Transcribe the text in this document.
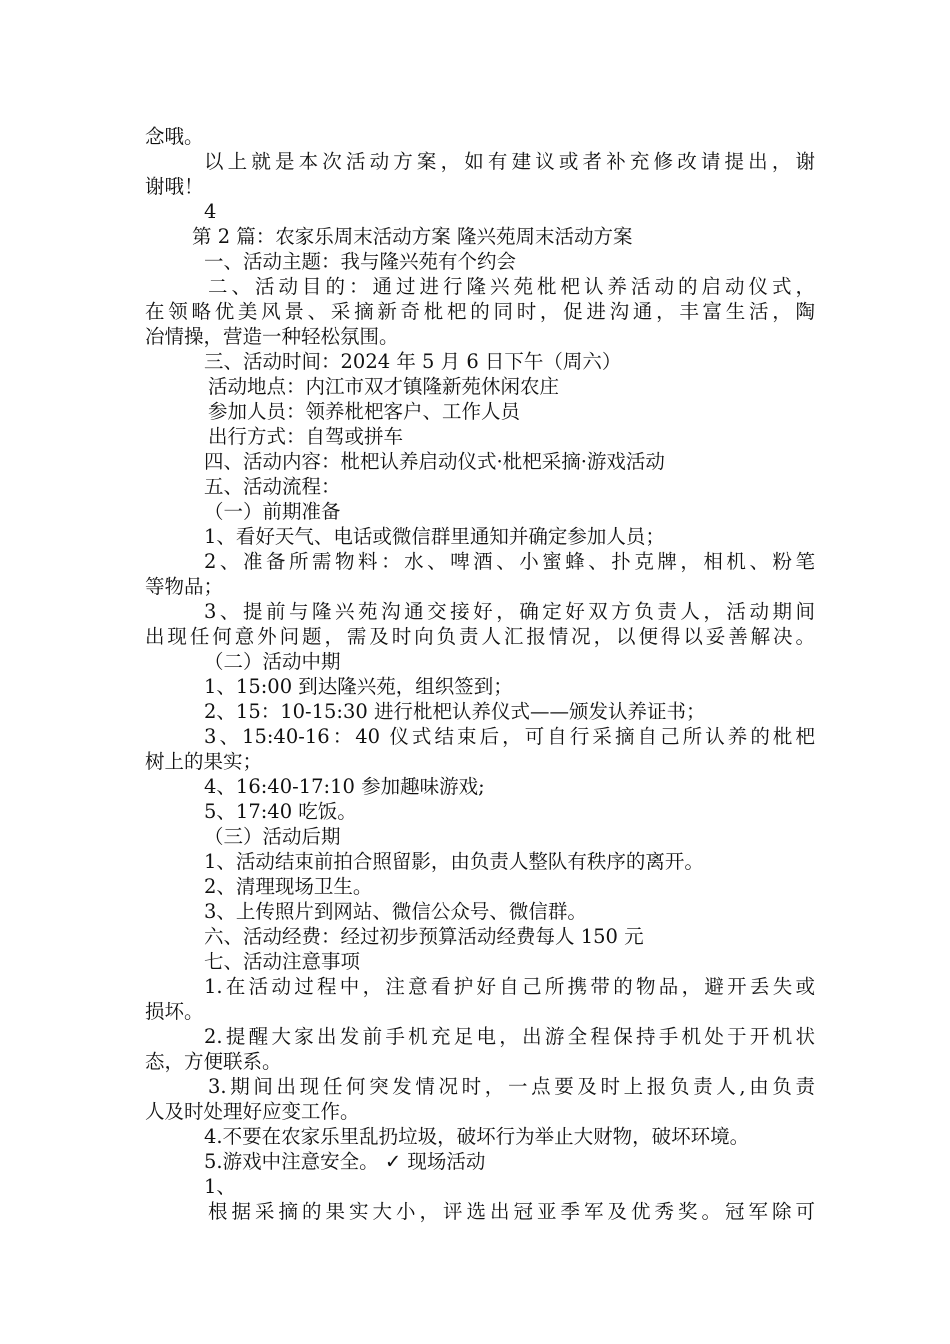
念哦。
以上就是本次活动方案，如有建议或者补充修改请提出，谢
谢哦！
4
第 2 篇：农家乐周末活动方案 隆兴苑周末活动方案
一、活动主题：我与隆兴苑有个约会
二、活动目的：通过进行隆兴苑枇杷认养活动的启动仪式，
在领略优美风景、采摘新奇枇杷的同时，促进沟通，丰富生活，陶
冶情操，营造一种轻松氛围。
三、活动时间：2024 年 5 月 6 日下午（周六）
活动地点：内江市双才镇隆新苑休闲农庄
参加人员：领养枇杷客户、工作人员
出行方式：自驾或拼车
四、活动内容：枇杷认养启动仪式·枇杷采摘·游戏活动
五、活动流程：
（一）前期准备
1、看好天气、电话或微信群里通知并确定参加人员；
2、准备所需物料：水、啤酒、小蜜蜂、扑克牌，相机、粉笔
等物品；
3、提前与隆兴苑沟通交接好，确定好双方负责人，活动期间
出现任何意外问题，需及时向负责人汇报情况，以便得以妥善解决。
（二）活动中期
1、15:00 到达隆兴苑，组织签到；
2、15：10-15:30 进行枇杷认养仪式——颁发认养证书；
3、15:40-16：40 仪式结束后，可自行采摘自己所认养的枇杷
树上的果实；
4、16:40-17:10 参加趣味游戏;
5、17:40 吃饭。
（三）活动后期
1、活动结束前拍合照留影，由负责人整队有秩序的离开。
2、清理现场卫生。
3、上传照片到网站、微信公众号、微信群。
六、活动经费：经过初步预算活动经费每人 150 元
七、活动注意事项
1.在活动过程中，注意看护好自己所携带的物品，避开丢失或
损坏。
2.提醒大家出发前手机充足电，出游全程保持手机处于开机状
态，方便联系。
3.期间出现任何突发情况时，一点要及时上报负责人,由负责
人及时处理好应变工作。
4.不要在农家乐里乱扔垃圾，破坏行为举止大财物，破坏环境。
5.游戏中注意安全。 ✓ 现场活动
1、
根据采摘的果实大小，评选出冠亚季军及优秀奖。冠军除可
